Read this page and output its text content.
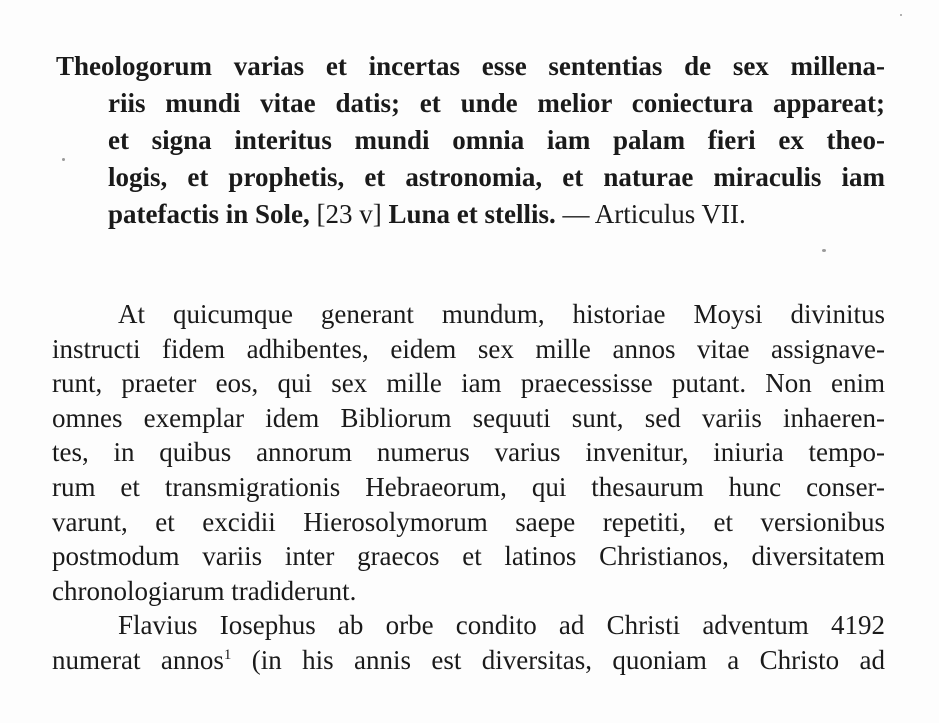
Theologorum varias et incertas esse sententias de sex millena-
riis mundi vitae datis; et unde melior coniectura appareat;
et signa interitus mundi omnia iam palam fieri ex theo-
logis, et prophetis, et astronomia, et naturae miraculis iam
patefactis in Sole, [23 v] Luna et stellis. — Articulus VII.
At quicumque generant mundum, historiae Moysi divinitus
instructi fidem adhibentes, eidem sex mille annos vitae assignave-
runt, praeter eos, qui sex mille iam praecessisse putant. Non enim
omnes exemplar idem Bibliorum sequuti sunt, sed variis inhaeren-
tes, in quibus annorum numerus varius invenitur, iniuria tempo-
rum et transmigrationis Hebraeorum, qui thesaurum hunc conser-
varunt, et excidii Hierosolymorum saepe repetiti, et versionibus
postmodum variis inter graecos et latinos Christianos, diversitatem
chronologiarum tradiderunt.
Flavius Iosephus ab orbe condito ad Christi adventum 4192
numerat annos$^1$ (in his annis est diversitas, quoniam a Christo ad
